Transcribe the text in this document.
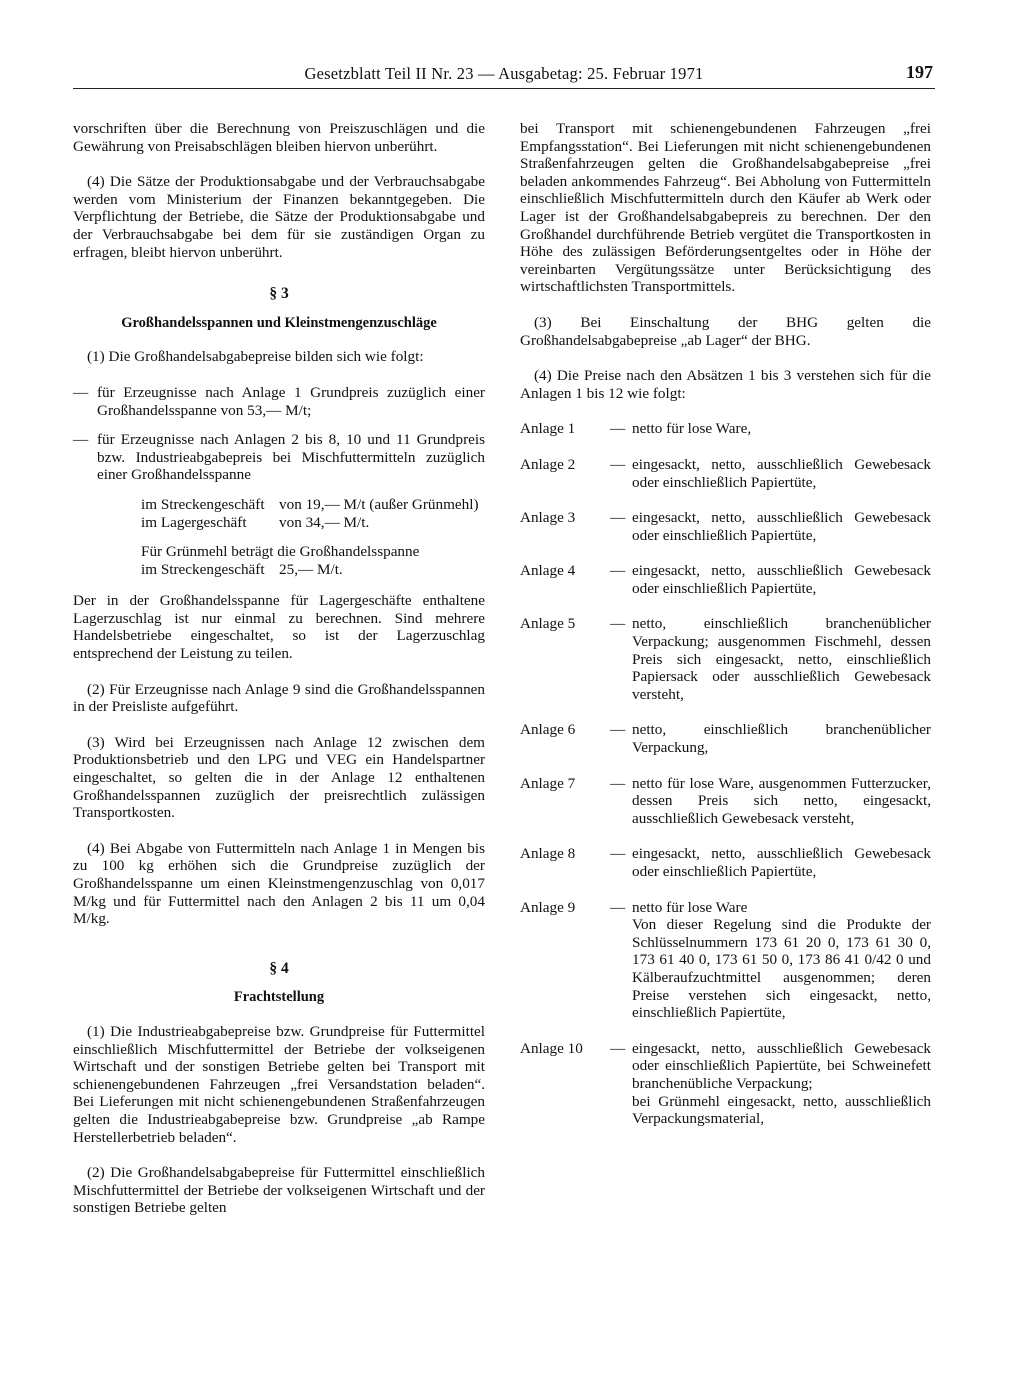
Gesetzblatt Teil II Nr. 23 — Ausgabetag: 25. Februar 1971	197

vorschriften über die Berechnung von Preiszuschlägen und die Gewährung von Preisabschlägen bleiben hiervon unberührt.

(4) Die Sätze der Produktionsabgabe und der Verbrauchsabgabe werden vom Ministerium der Finanzen bekanntgegeben. Die Verpflichtung der Betriebe, die Sätze der Produktionsabgabe und der Verbrauchsabgabe bei dem für sie zuständigen Organ zu erfragen, bleibt hiervon unberührt.

§ 3

Großhandelsspannen und Kleinstmengenzuschläge

(1) Die Großhandelsabgabepreise bilden sich wie folgt:

— für Erzeugnisse nach Anlage 1 Grundpreis zuzüglich einer Großhandelsspanne von 53,— M/t;

— für Erzeugnisse nach Anlagen 2 bis 8, 10 und 11 Grundpreis bzw. Industrieabgabepreis bei Mischfuttermitteln zuzüglich einer Großhandelsspanne

im Streckengeschäft von 19,— M/t (außer Grünmehl)
im Lagergeschäft von 34,— M/t.

Für Grünmehl beträgt die Großhandelsspanne

im Streckengeschäft 25,— M/t.

Der in der Großhandelsspanne für Lagergeschäfte enthaltene Lagerzuschlag ist nur einmal zu berechnen. Sind mehrere Handelsbetriebe eingeschaltet, so ist der Lagerzuschlag entsprechend der Leistung zu teilen.

(2) Für Erzeugnisse nach Anlage 9 sind die Großhandelsspannen in der Preisliste aufgeführt.

(3) Wird bei Erzeugnissen nach Anlage 12 zwischen dem Produktionsbetrieb und den LPG und VEG ein Handelspartner eingeschaltet, so gelten die in der Anlage 12 enthaltenen Großhandelsspannen zuzüglich der preisrechtlich zulässigen Transportkosten.

(4) Bei Abgabe von Futtermitteln nach Anlage 1 in Mengen bis zu 100 kg erhöhen sich die Grundpreise zuzüglich der Großhandelsspanne um einen Kleinstmengenzuschlag von 0,017 M/kg und für Futtermittel nach den Anlagen 2 bis 11 um 0,04 M/kg.

§ 4

Frachtstellung

(1) Die Industrieabgabepreise bzw. Grundpreise für Futtermittel einschließlich Mischfuttermittel der Betriebe der volkseigenen Wirtschaft und der sonstigen Betriebe gelten bei Transport mit schienengebundenen Fahrzeugen „frei Versandstation beladen“. Bei Lieferungen mit nicht schienengebundenen Straßenfahrzeugen gelten die Industrieabgabepreise bzw. Grundpreise „ab Rampe Herstellerbetrieb beladen“.

(2) Die Großhandelsabgabepreise für Futtermittel einschließlich Mischfuttermittel der Betriebe der volkseigenen Wirtschaft und der sonstigen Betriebe gelten

bei Transport mit schienengebundenen Fahrzeugen „frei Empfangsstation“. Bei Lieferungen mit nicht schienengebundenen Straßenfahrzeugen gelten die Großhandelsabgabepreise „frei beladen ankommendes Fahrzeug“. Bei Abholung von Futtermitteln einschließlich Mischfuttermitteln durch den Käufer ab Werk oder Lager ist der Großhandelsabgabepreis zu berechnen. Der den Großhandel durchführende Betrieb vergütet die Transportkosten in Höhe des zulässigen Beförderungsentgeltes oder in Höhe der vereinbarten Vergütungssätze unter Berücksichtigung des wirtschaftlichsten Transportmittels.

(3) Bei Einschaltung der BHG gelten die Großhandelsabgabepreise „ab Lager“ der BHG.

(4) Die Preise nach den Absätzen 1 bis 3 verstehen sich für die Anlagen 1 bis 12 wie folgt:

Anlage 1	— netto für lose Ware,
Anlage 2	— eingesackt, netto, ausschließlich Gewebesack oder einschließlich Papiertüte,
Anlage 3	— eingesackt, netto, ausschließlich Gewebesack oder einschließlich Papiertüte,
Anlage 4	— eingesackt, netto, ausschließlich Gewebesack oder einschließlich Papiertüte,
Anlage 5	— netto, einschließlich branchenüblicher Verpackung; ausgenommen Fischmehl, dessen Preis sich eingesackt, netto, einschließlich Papiersack oder ausschließlich Gewebesack versteht,
Anlage 6	— netto, einschließlich branchenüblicher Verpackung,
Anlage 7	— netto für lose Ware, ausgenommen Futterzucker, dessen Preis sich netto, eingesackt, ausschließlich Gewebesack versteht,
Anlage 8	— eingesackt, netto, ausschließlich Gewebesack oder einschließlich Papiertüte,
Anlage 9	— netto für lose Ware
Von dieser Regelung sind die Produkte der Schlüsselnummern 173 61 20 0, 173 61 30 0, 173 61 40 0, 173 61 50 0, 173 86 41 0/42 0 und Kälberaufzuchtmittel ausgenommen; deren Preise verstehen sich eingesackt, netto, einschließlich Papiertüte,
Anlage 10	— eingesackt, netto, ausschließlich Gewebesack oder einschließlich Papiertüte, bei Schweinefett branchenübliche Verpackung;
bei Grünmehl eingesackt, netto, ausschließlich Verpackungsmaterial,
